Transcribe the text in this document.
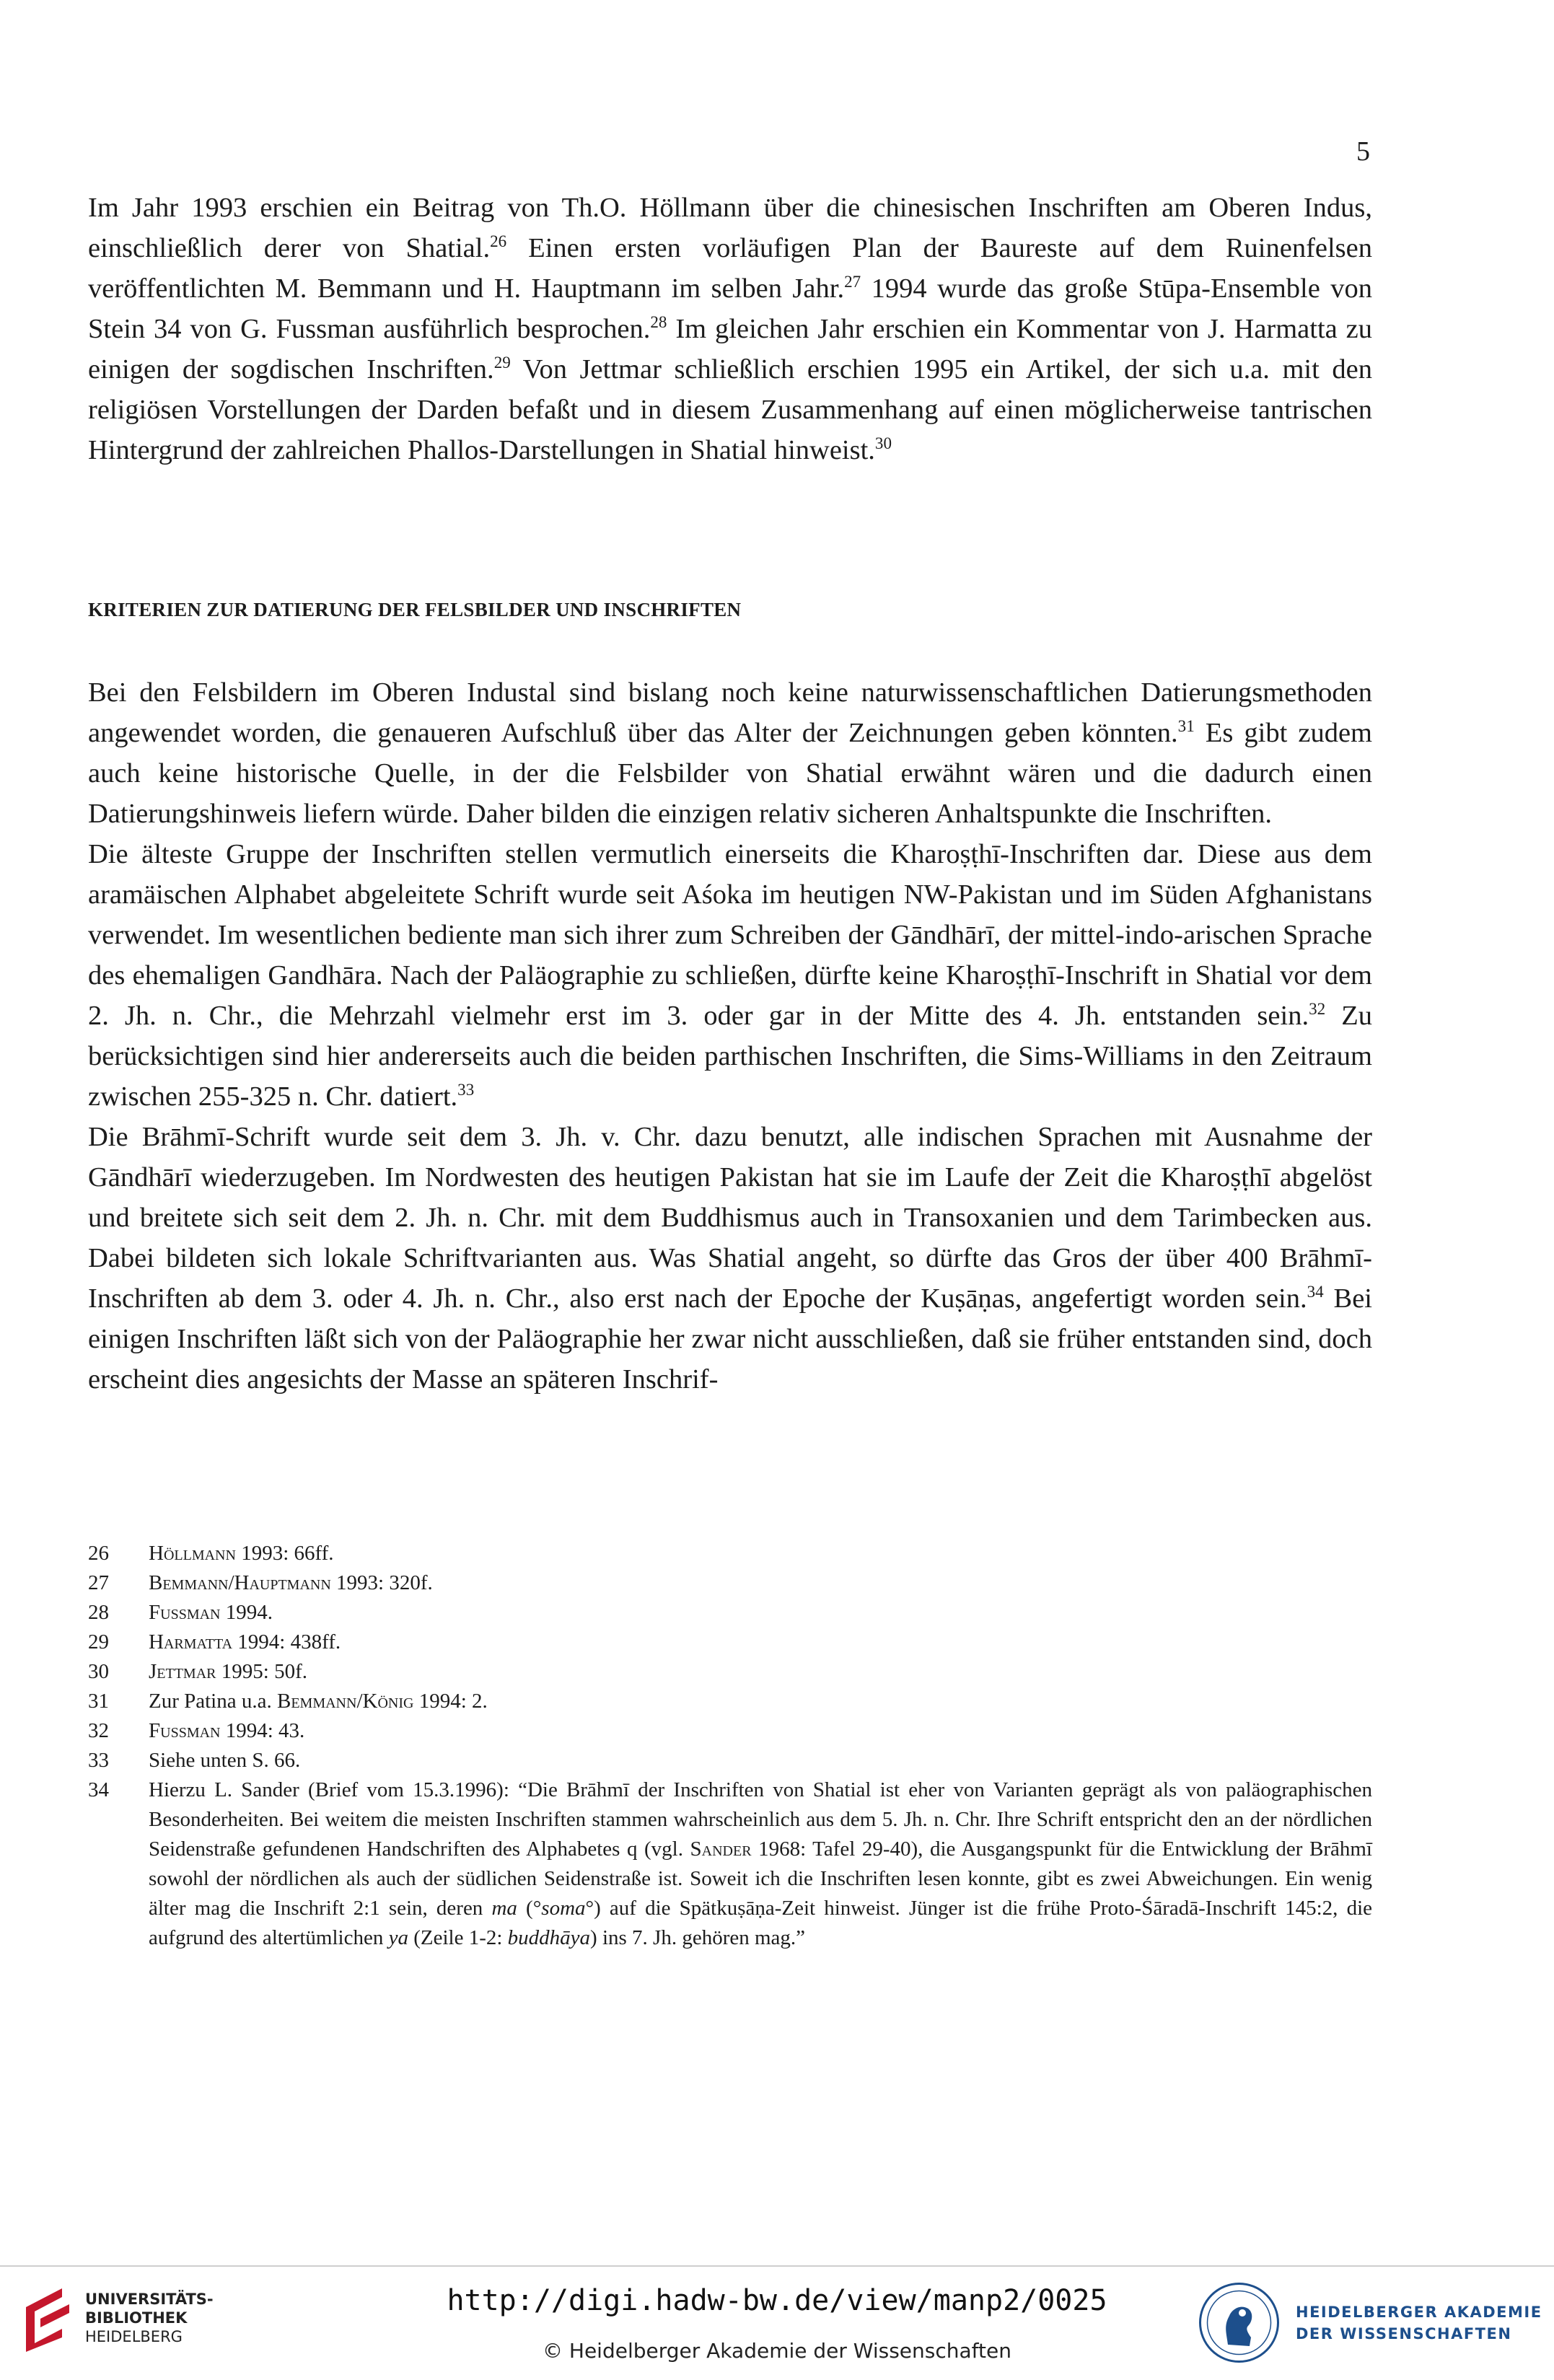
5

Im Jahr 1993 erschien ein Beitrag von Th.O. Höllmann über die chinesischen Inschriften am Oberen Indus, einschließlich derer von Shatial.$^{26}$ Einen ersten vorläufigen Plan der Baureste auf dem Ruinenfelsen veröffentlichten M. Bemmann und H. Hauptmann im selben Jahr.$^{27}$ 1994 wurde das große Stūpa-Ensemble von Stein 34 von G. Fussman ausführlich besprochen.$^{28}$ Im gleichen Jahr erschien ein Kommentar von J. Harmatta zu einigen der sogdischen Inschriften.$^{29}$ Von Jettmar schließlich erschien 1995 ein Artikel, der sich u.a. mit den religiösen Vorstellungen der Darden befaßt und in diesem Zusammenhang auf einen möglicherweise tantrischen Hintergrund der zahlreichen Phallos-Darstellungen in Shatial hinweist.$^{30}$

KRITERIEN ZUR DATIERUNG DER FELSBILDER UND INSCHRIFTEN

Bei den Felsbildern im Oberen Industal sind bislang noch keine naturwissenschaftlichen Datierungsmethoden angewendet worden, die genaueren Aufschluß über das Alter der Zeichnungen geben könnten.$^{31}$ Es gibt zudem auch keine historische Quelle, in der die Felsbilder von Shatial erwähnt wären und die dadurch einen Datierungshinweis liefern würde. Daher bilden die einzigen relativ sicheren Anhaltspunkte die Inschriften.

Die älteste Gruppe der Inschriften stellen vermutlich einerseits die Kharoṣṭhī-Inschriften dar. Diese aus dem aramäischen Alphabet abgeleitete Schrift wurde seit Aśoka im heutigen NW-Pakistan und im Süden Afghanistans verwendet. Im wesentlichen bediente man sich ihrer zum Schreiben der Gāndhārī, der mittel-indo-arischen Sprache des ehemaligen Gandhāra. Nach der Paläographie zu schließen, dürfte keine Kharoṣṭhī-Inschrift in Shatial vor dem 2. Jh. n. Chr., die Mehrzahl vielmehr erst im 3. oder gar in der Mitte des 4. Jh. entstanden sein.$^{32}$ Zu berücksichtigen sind hier andererseits auch die beiden parthischen Inschriften, die Sims-Williams in den Zeitraum zwischen 255-325 n. Chr. datiert.$^{33}$

Die Brāhmī-Schrift wurde seit dem 3. Jh. v. Chr. dazu benutzt, alle indischen Sprachen mit Ausnahme der Gāndhārī wiederzugeben. Im Nordwesten des heutigen Pakistan hat sie im Laufe der Zeit die Kharoṣṭhī abgelöst und breitete sich seit dem 2. Jh. n. Chr. mit dem Buddhismus auch in Transoxanien und dem Tarimbecken aus. Dabei bildeten sich lokale Schriftvarianten aus. Was Shatial angeht, so dürfte das Gros der über 400 Brāhmī-Inschriften ab dem 3. oder 4. Jh. n. Chr., also erst nach der Epoche der Kuṣāṇas, angefertigt worden sein.$^{34}$ Bei einigen Inschriften läßt sich von der Paläographie her zwar nicht ausschließen, daß sie früher entstanden sind, doch erscheint dies angesichts der Masse an späteren Inschrif-

26	Höllmann 1993: 66ff.
27	Bemmann/Hauptmann 1993: 320f.
28	Fussman 1994.
29	Harmatta 1994: 438ff.
30	Jettmar 1995: 50f.
31	Zur Patina u.a. Bemmann/König 1994: 2.
32	Fussman 1994: 43.
33	Siehe unten S. 66.
34	Hierzu L. Sander (Brief vom 15.3.1996): “Die Brāhmī der Inschriften von Shatial ist eher von Varianten geprägt als von paläographischen Besonderheiten. Bei weitem die meisten Inschriften stammen wahrscheinlich aus dem 5. Jh. n. Chr. Ihre Schrift entspricht den an der nördlichen Seidenstraße gefundenen Handschriften des Alphabetes q (vgl. Sander 1968: Tafel 29-40), die Ausgangspunkt für die Entwicklung der Brāhmī sowohl der nördlichen als auch der südlichen Seidenstraße ist. Soweit ich die Inschriften lesen konnte, gibt es zwei Abweichungen. Ein wenig älter mag die Inschrift 2:1 sein, deren ma (°soma°) auf die Spätkuṣāṇa-Zeit hinweist. Jünger ist die frühe Proto-Śāradā-Inschrift 145:2, die aufgrund des altertümlichen ya (Zeile 1-2: buddhāya) ins 7. Jh. gehören mag.”
UNIVERSITÄTS-
BIBLIOTHEK
HEIDELBERG
http://digi.hadw-bw.de/view/manp2/0025
© Heidelberger Akademie der Wissenschaften
HEIDELBERGER AKADEMIE
DER WISSENSCHAFTEN
